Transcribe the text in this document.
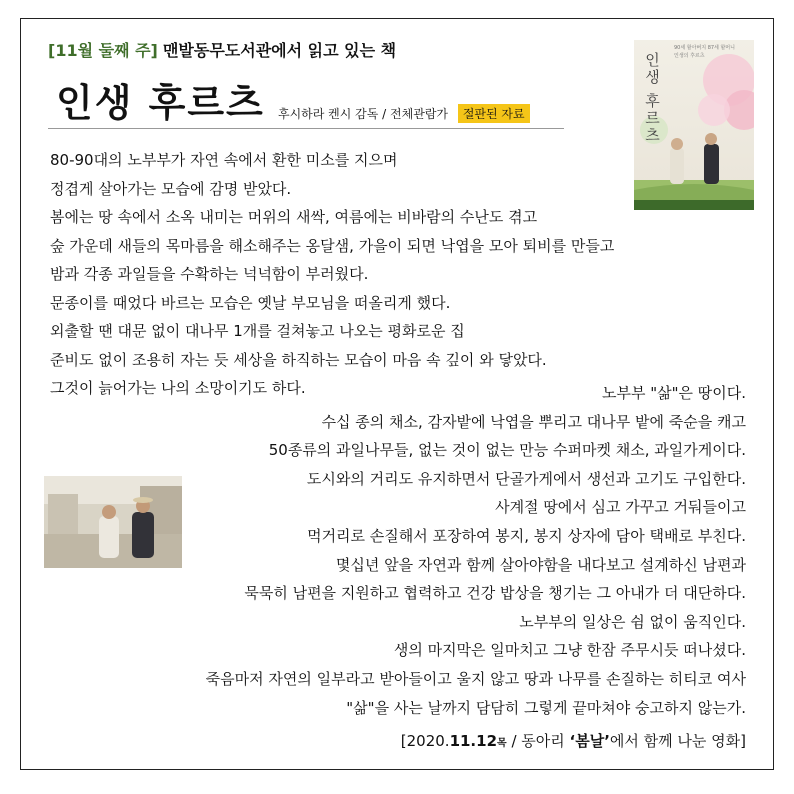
[11월 둘째 주] 맨발동무도서관에서 읽고 있는 책
인생 후르츠 후시하라 켄시 감독 / 전체관람가 절판된 자료	인생 후르츠
90세 할아버지 87세 할머니
인생의 후르츠
80-90대의 노부부가 자연 속에서 환한 미소를 지으며
정겹게 살아가는 모습에 감명 받았다.
봄에는 땅 속에서 소옥 내미는 머위의 새싹, 여름에는 비바람의 수난도 겪고
숲 가운데 새들의 목마름을 해소해주는 옹달샘, 가을이 되면 낙엽을 모아 퇴비를 만들고
밤과 각종 과일들을 수확하는 넉넉함이 부러웠다.
문종이를 때었다 바르는 모습은 옛날 부모님을 떠올리게 했다.
외출할 땐 대문 없이 대나무 1개를 걸쳐놓고 나오는 평화로운 집
준비도 없이 조용히 자는 듯 세상을 하직하는 모습이 마음 속 깊이 와 닿았다.
그것이 늙어가는 나의 소망이기도 하다.	노부부 "삶"은 땅이다.
수십 종의 채소, 감자밭에 낙엽을 뿌리고 대나무 밭에 죽순을 캐고
50종류의 과일나무들, 없는 것이 없는 만능 수퍼마켓 채소, 과일가게이다.
도시와의 거리도 유지하면서 단골가게에서 생선과 고기도 구입한다.
사계절 땅에서 심고 가꾸고 거둬들이고
먹거리로 손질해서 포장하여 봉지, 봉지 상자에 담아 택배로 부친다.
몇십년 앞을 자연과 함께 살아야함을 내다보고 설계하신 남편과
묵묵히 남편을 지원하고 협력하고 건강 밥상을 챙기는 그 아내가 더 대단하다.
노부부의 일상은 쉼 없이 움직인다.
생의 마지막은 일마치고 그냥 한잠 주무시듯 떠나셨다.
죽음마저 자연의 일부라고 받아들이고 울지 않고 땅과 나무를 손질하는 히티코 여사
"삶"을 사는 날까지 담담히 그렇게 끝마쳐야 숭고하지 않는가.
[2020.11.12목 / 동아리 ‘봄날’에서 함께 나눈 영화]
